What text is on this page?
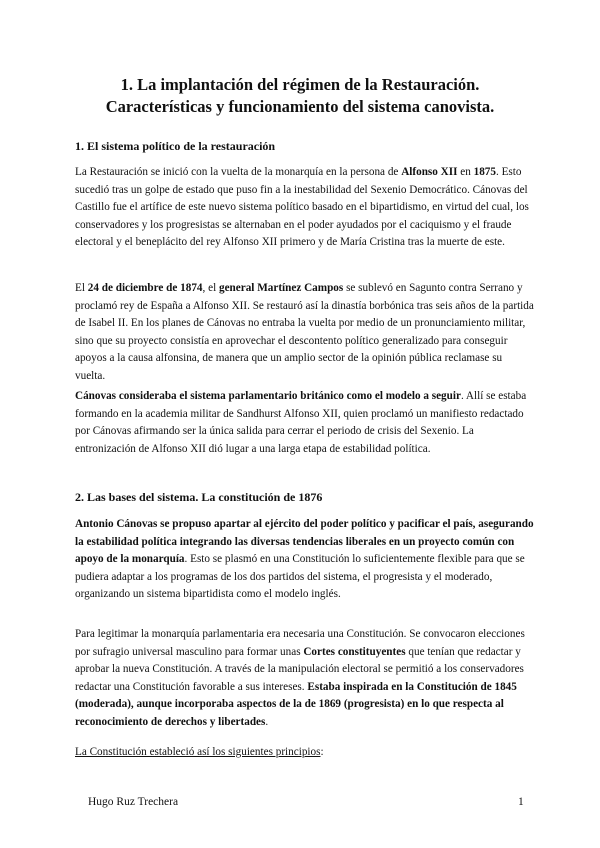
1. La implantación del régimen de la Restauración.
Características y funcionamiento del sistema canovista.
1. El sistema político de la restauración

La Restauración se inició con la vuelta de la monarquía en la persona de Alfonso XII en 1875. Esto sucedió tras un golpe de estado que puso fin a la inestabilidad del Sexenio Democrático. Cánovas del Castillo fue el artífice de este nuevo sistema político basado en el bipartidismo, en virtud del cual, los conservadores y los progresistas se alternaban en el poder ayudados por el caciquismo y el fraude electoral y el beneplácito del rey Alfonso XII primero y de María Cristina tras la muerte de este.

El 24 de diciembre de 1874, el general Martínez Campos se sublevó en Sagunto contra Serrano y proclamó rey de España a Alfonso XII. Se restauró así la dinastía borbónica tras seis años de la partida de Isabel II. En los planes de Cánovas no entraba la vuelta por medio de un pronunciamiento militar, sino que su proyecto consistía en aprovechar el descontento político generalizado para conseguir apoyos a la causa alfonsina, de manera que un amplio sector de la opinión pública reclamase su vuelta.

Cánovas consideraba el sistema parlamentario británico como el modelo a seguir. Allí se estaba formando en la academia militar de Sandhurst Alfonso XII, quien proclamó un manifiesto redactado por Cánovas afirmando ser la única salida para cerrar el periodo de crisis del Sexenio. La entronización de Alfonso XII dió lugar a una larga etapa de estabilidad política.

2. Las bases del sistema. La constitución de 1876

Antonio Cánovas se propuso apartar al ejército del poder político y pacificar el país, asegurando la estabilidad política integrando las diversas tendencias liberales en un proyecto común con apoyo de la monarquía. Esto se plasmó en una Constitución lo suficientemente flexible para que se pudiera adaptar a los programas de los dos partidos del sistema, el progresista y el moderado, organizando un sistema bipartidista como el modelo inglés.

Para legitimar la monarquía parlamentaria era necesaria una Constitución. Se convocaron elecciones por sufragio universal masculino para formar unas Cortes constituyentes que tenían que redactar y aprobar la nueva Constitución. A través de la manipulación electoral se permitió a los conservadores redactar una Constitución favorable a sus intereses. Estaba inspirada en la Constitución de 1845 (moderada), aunque incorporaba aspectos de la de 1869 (progresista) en lo que respecta al reconocimiento de derechos y libertades.

La Constitución estableció así los siguientes principios:

Hugo Ruz Trechera	1
